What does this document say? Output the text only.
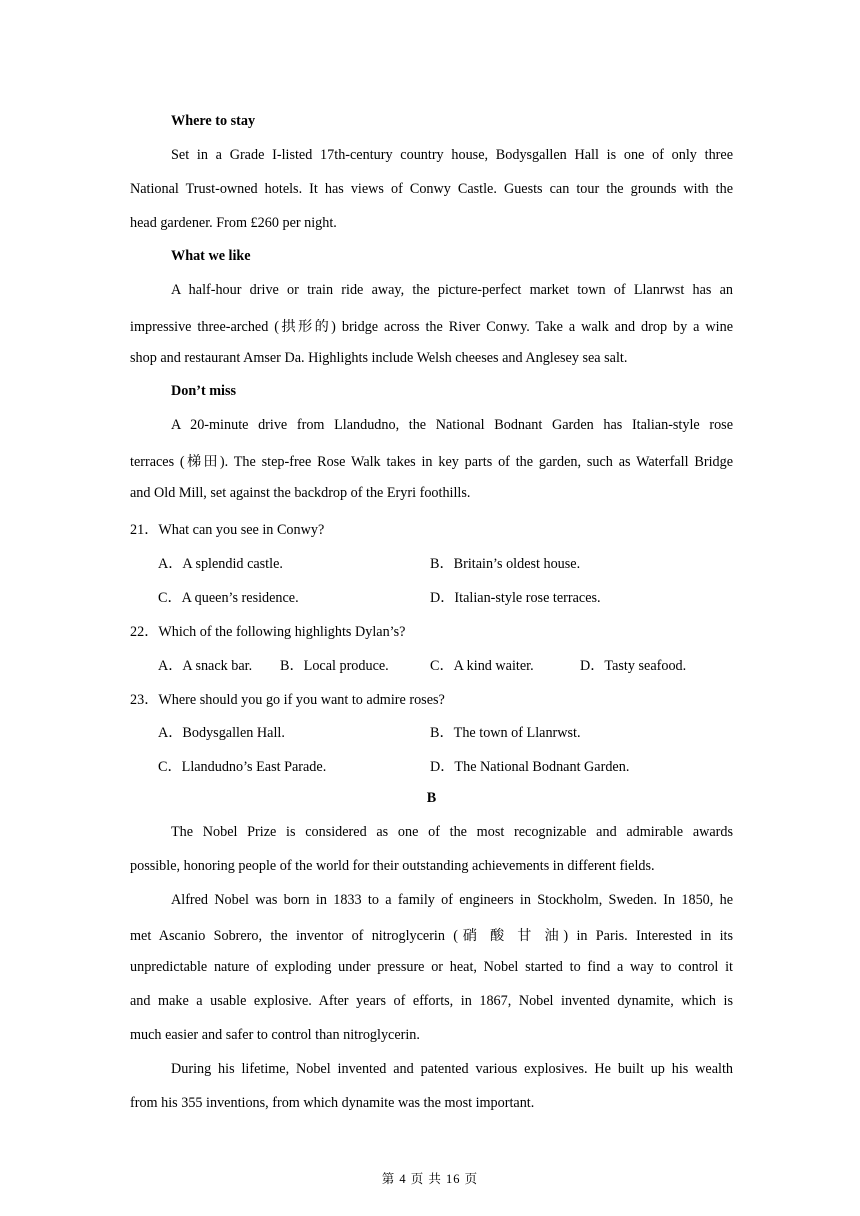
Where to stay
Set in a Grade I-listed 17th-century country house, Bodysgallen Hall is one of only three
National Trust-owned hotels. It has views of Conwy Castle. Guests can tour the grounds with the
head gardener. From £260 per night.
What we like
A half-hour drive or train ride away, the picture-perfect market town of Llanrwst has an
impressive three-arched (拱形的) bridge across the River Conwy. Take a walk and drop by a wine
shop and restaurant Amser Da. Highlights include Welsh cheeses and Anglesey sea salt.
Don’t miss
A 20-minute drive from Llandudno, the National Bodnant Garden has Italian-style rose
terraces (梯田). The step-free Rose Walk takes in key parts of the garden, such as Waterfall Bridge
and Old Mill, set against the backdrop of the Eryri foothills.
21．What can you see in Conwy?
A．A splendid castle.	B．Britain’s oldest house.
C．A queen’s residence.	D．Italian-style rose terraces.
22．Which of the following highlights Dylan’s?
A．A snack bar. B．Local produce.	C．A kind waiter.	D．Tasty seafood.
23．Where should you go if you want to admire roses?
A．Bodysgallen Hall.	B．The town of Llanrwst.
C．Llandudno’s East Parade.	D．The National Bodnant Garden.
B
The Nobel Prize is considered as one of the most recognizable and admirable awards
possible, honoring people of the world for their outstanding achievements in different fields.
Alfred Nobel was born in 1833 to a family of engineers in Stockholm, Sweden. In 1850, he
met Ascanio Sobrero, the inventor of nitroglycerin (硝 酸 甘 油) in Paris. Interested in its
unpredictable nature of exploding under pressure or heat, Nobel started to find a way to control it
and make a usable explosive. After years of efforts, in 1867, Nobel invented dynamite, which is
much easier and safer to control than nitroglycerin.
During his lifetime, Nobel invented and patented various explosives. He built up his wealth
from his 355 inventions, from which dynamite was the most important.
第 4 页 共 16 页
